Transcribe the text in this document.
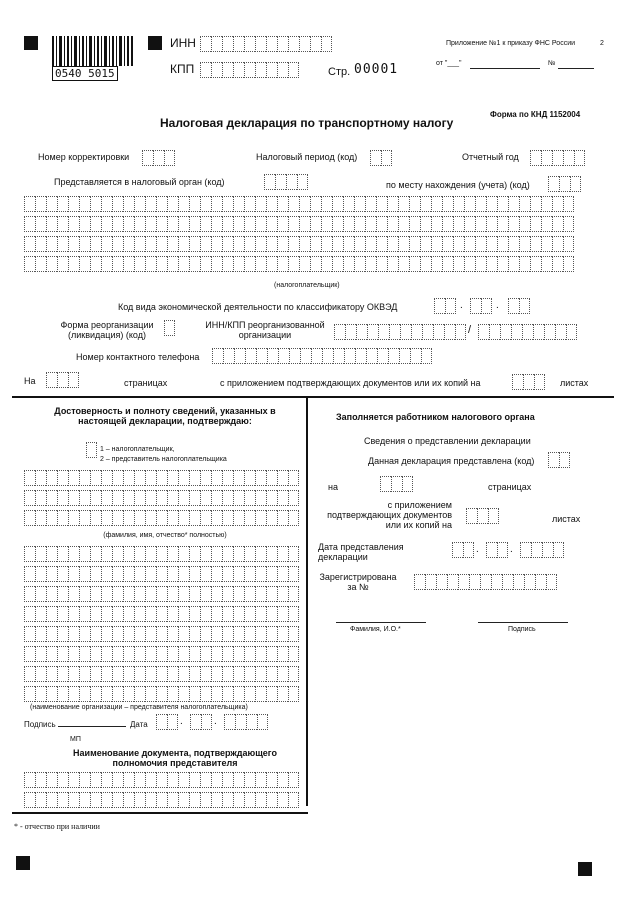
0540 5015
ИНН
КПП	Стр. 00001
Приложение №1 к приказу ФНС России	2
от "___"	№
Форма по КНД 1152004
Налоговая декларация по транспортному налогу
Номер корректировки	Налоговый период (код)	Отчетный год
Представляется в налоговый орган (код)	по месту нахождения (учета) (код)
(налогоплательщик)
Код вида экономической деятельности по классификатору ОКВЭД	.	.
Форма реорганизации (ликвидация) (код)
ИНН/КПП реорганизованной организации	/
Номер контактного телефона
На	страницах	с приложением подтверждающих документов или их копий на	листах
Достоверность и полноту сведений, указанных в настоящей декларации, подтверждаю:
1 – налогоплательщик,
2 – представитель налогоплательщика
(фамилия, имя, отчество* полностью)
(наименование организации – представителя налогоплательщика)
Подпись	Дата	.	.
МП
Наименование документа, подтверждающего полномочия представителя
* - отчество при наличии
Заполняется работником налогового органа
Сведения о представлении декларации
Данная декларация представлена (код)
на	страницах
с приложением подтверждающих документов или их копий на
листах
Дата представления декларации
.	.
Зарегистрирована за №
Фамилия, И.О.*	Подпись
